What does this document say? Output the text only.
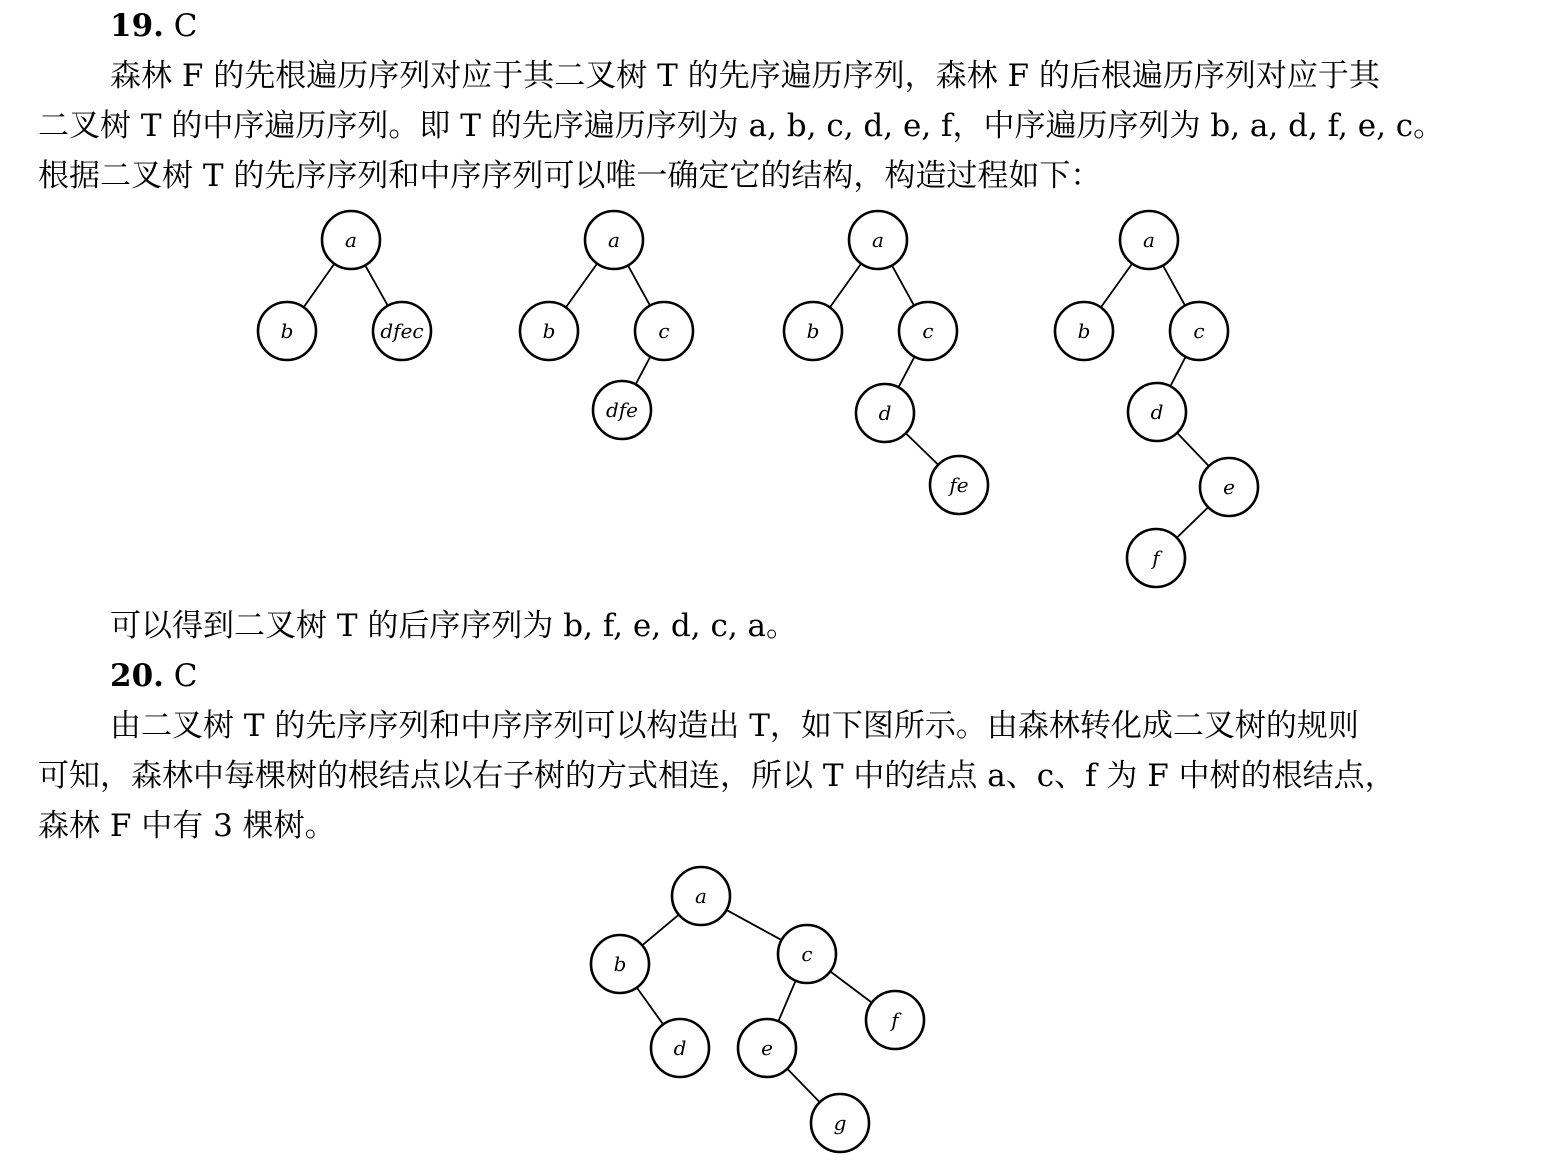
19. C
森林 F 的先根遍历序列对应于其二叉树 T 的先序遍历序列，森林 F 的后根遍历序列对应于其
二叉树 T 的中序遍历序列。即 T 的先序遍历序列为 a, b, c, d, e, f，中序遍历序列为 b, a, d, f, e, c。
根据二叉树 T 的先序序列和中序序列可以唯一确定它的结构，构造过程如下：
可以得到二叉树 T 的后序序列为 b, f, e, d, c, a。
20. C
由二叉树 T 的先序序列和中序序列可以构造出 T，如下图所示。由森林转化成二叉树的规则
可知，森林中每棵树的根结点以右子树的方式相连，所以 T 中的结点 a、c、f 为 F 中树的根结点，
森林 F 中有 3 棵树。
a
b	dfec
a
b	c
dfe
a
b	c
d
fe
a
b	c
d
e
f
a
b	c
d	e
f
g
